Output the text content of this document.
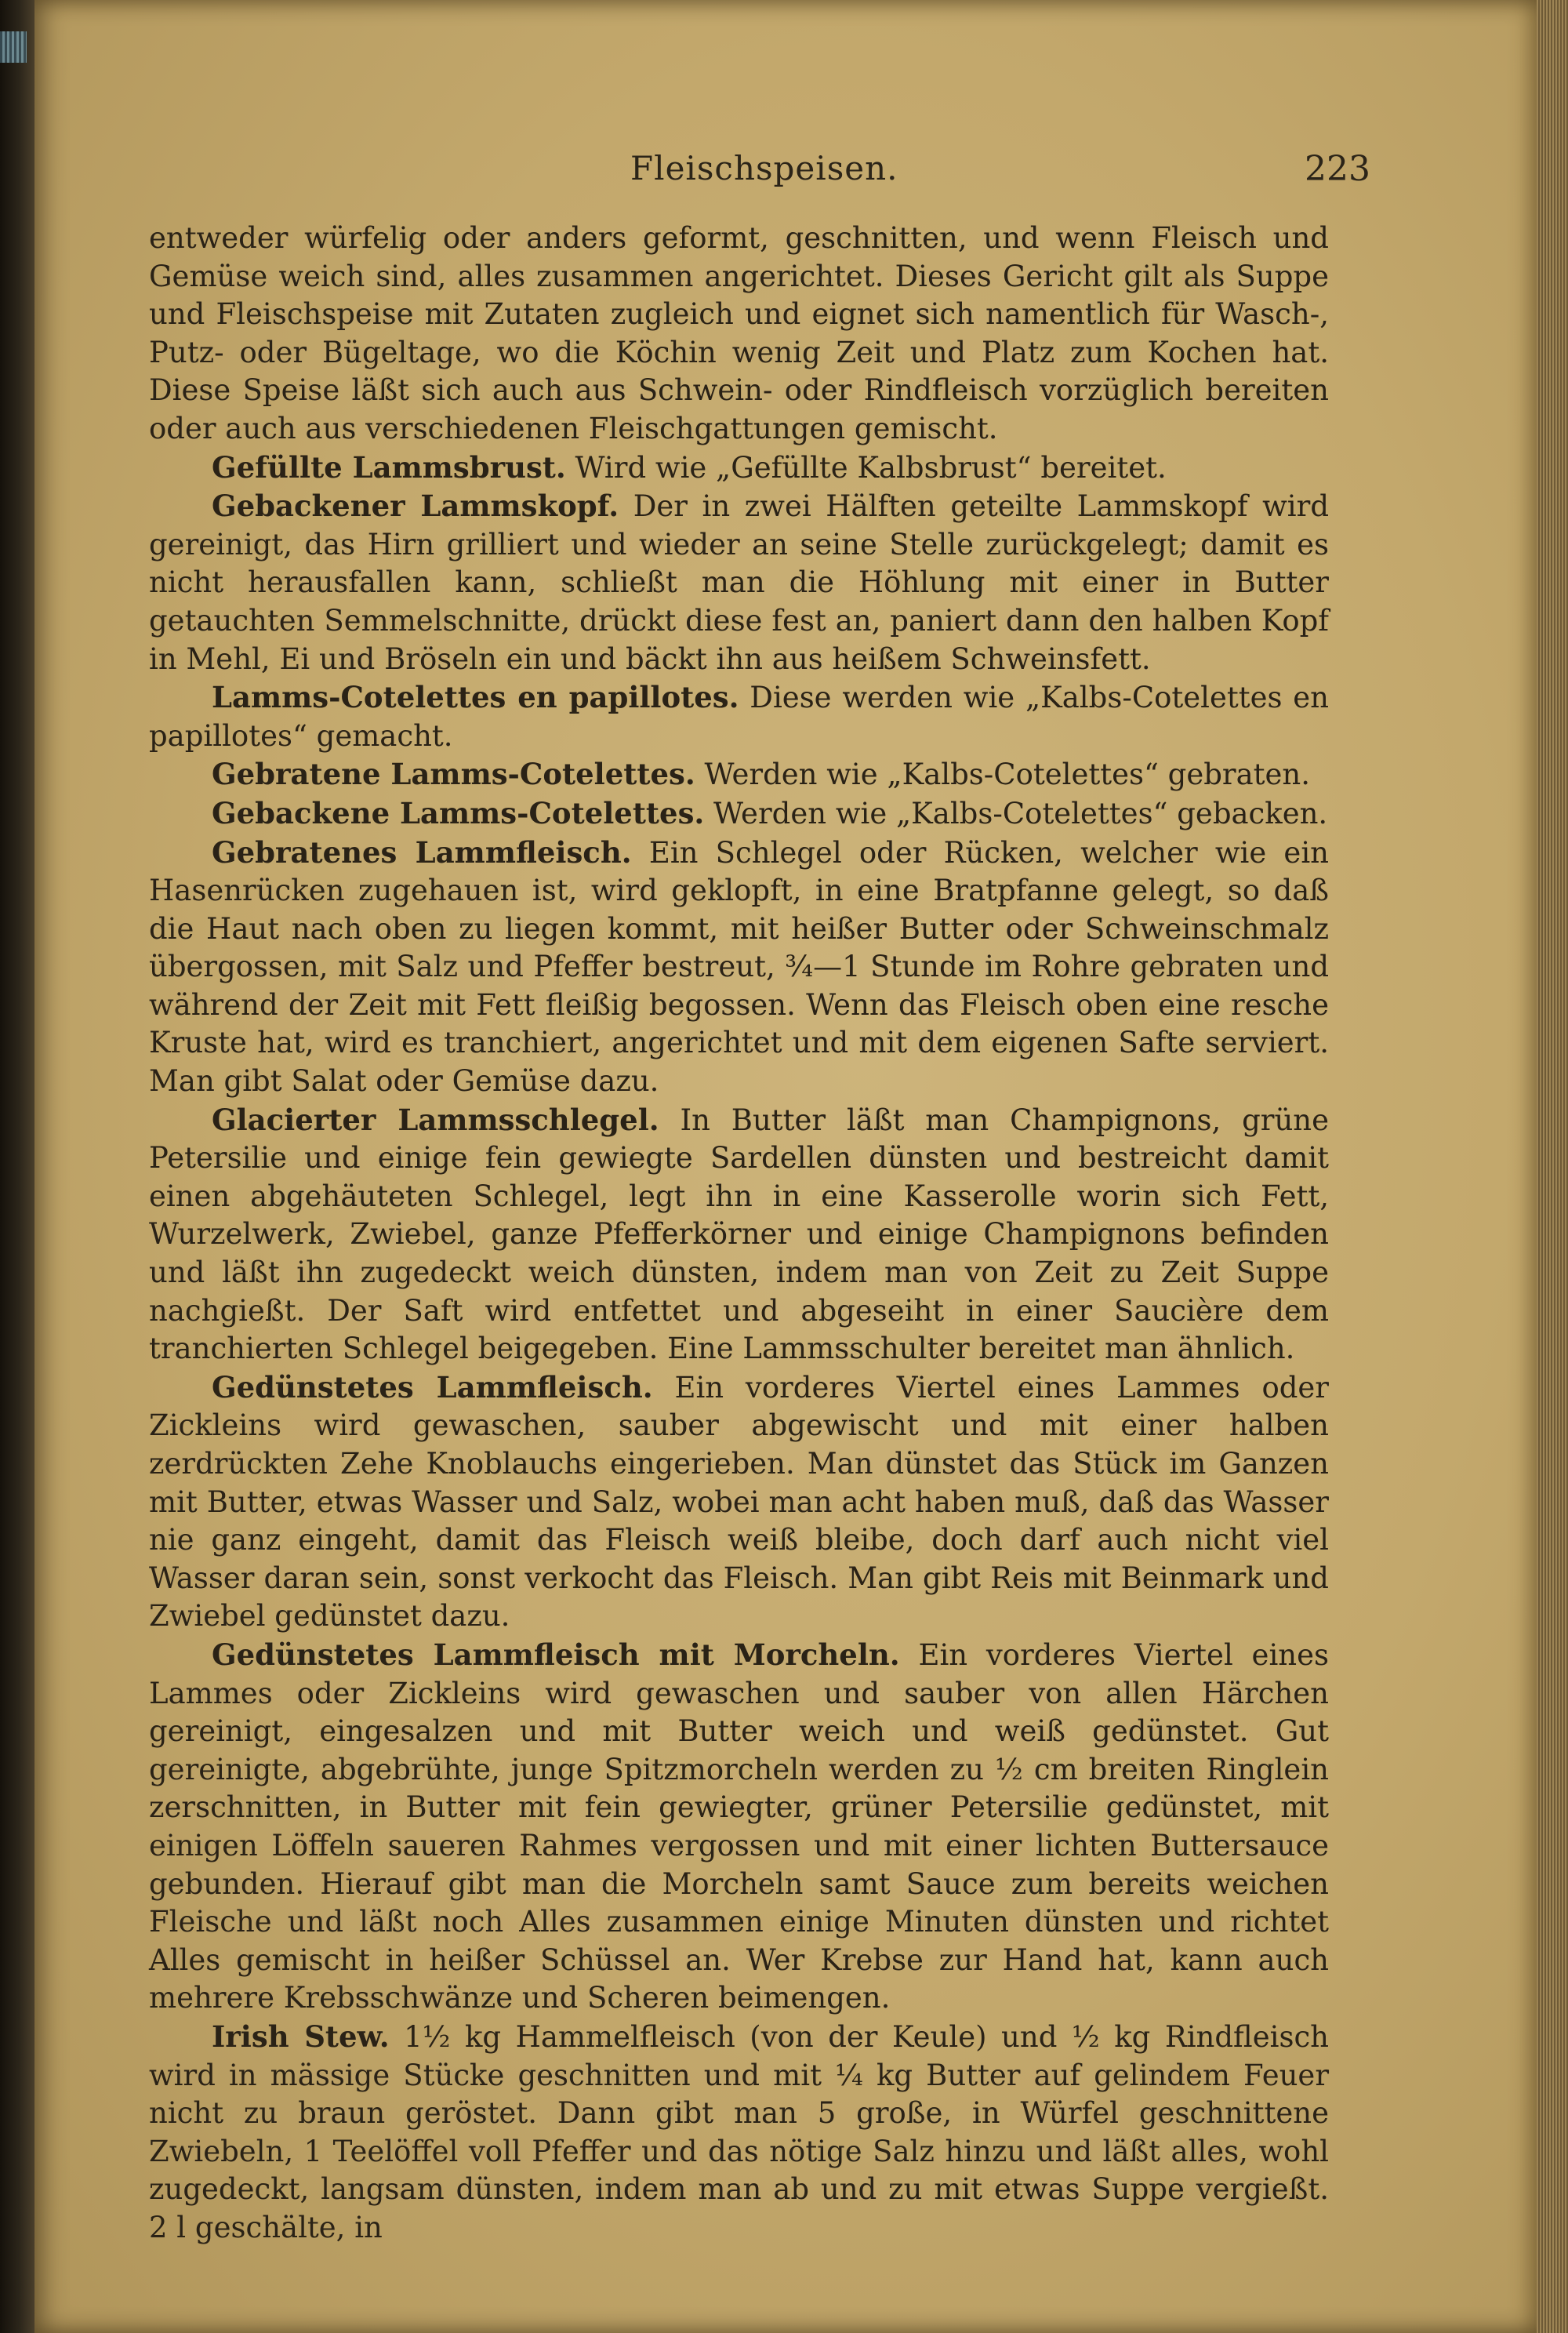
Fleischspeisen.	223

entweder würfelig oder anders geformt, geschnitten, und wenn Fleisch und Gemüse weich sind, alles zusammen angerichtet. Dieses Gericht gilt als Suppe und Fleischspeise mit Zutaten zugleich und eignet sich namentlich für Wasch-, Putz- oder Bügeltage, wo die Köchin wenig Zeit und Platz zum Kochen hat. Diese Speise läßt sich auch aus Schwein- oder Rindfleisch vorzüglich bereiten oder auch aus verschiedenen Fleischgattungen gemischt.

Gefüllte Lammsbrust. Wird wie „Gefüllte Kalbsbrust“ bereitet.

Gebackener Lammskopf. Der in zwei Hälften geteilte Lammskopf wird gereinigt, das Hirn grilliert und wieder an seine Stelle zurückgelegt; damit es nicht herausfallen kann, schließt man die Höhlung mit einer in Butter getauchten Semmelschnitte, drückt diese fest an, paniert dann den halben Kopf in Mehl, Ei und Bröseln ein und bäckt ihn aus heißem Schweinsfett.

Lamms-Cotelettes en papillotes. Diese werden wie „Kalbs-Cotelettes en papillotes“ gemacht.

Gebratene Lamms-Cotelettes. Werden wie „Kalbs-Cotelettes“ gebraten.

Gebackene Lamms-Cotelettes. Werden wie „Kalbs-Cotelettes“ gebacken.

Gebratenes Lammfleisch. Ein Schlegel oder Rücken, welcher wie ein Hasenrücken zugehauen ist, wird geklopft, in eine Bratpfanne gelegt, so daß die Haut nach oben zu liegen kommt, mit heißer Butter oder Schweinschmalz übergossen, mit Salz und Pfeffer bestreut, ¾—1 Stunde im Rohre gebraten und während der Zeit mit Fett fleißig begossen. Wenn das Fleisch oben eine resche Kruste hat, wird es tranchiert, angerichtet und mit dem eigenen Safte serviert. Man gibt Salat oder Gemüse dazu.

Glacierter Lammsschlegel. In Butter läßt man Champignons, grüne Petersilie und einige fein gewiegte Sardellen dünsten und bestreicht damit einen abgehäuteten Schlegel, legt ihn in eine Kasserolle worin sich Fett, Wurzelwerk, Zwiebel, ganze Pfefferkörner und einige Champignons befinden und läßt ihn zugedeckt weich dünsten, indem man von Zeit zu Zeit Suppe nachgießt. Der Saft wird entfettet und abgeseiht in einer Saucière dem tranchierten Schlegel beigegeben. Eine Lammsschulter bereitet man ähnlich.

Gedünstetes Lammfleisch. Ein vorderes Viertel eines Lammes oder Zickleins wird gewaschen, sauber abgewischt und mit einer halben zerdrückten Zehe Knoblauchs eingerieben. Man dünstet das Stück im Ganzen mit Butter, etwas Wasser und Salz, wobei man acht haben muß, daß das Wasser nie ganz eingeht, damit das Fleisch weiß bleibe, doch darf auch nicht viel Wasser daran sein, sonst verkocht das Fleisch. Man gibt Reis mit Beinmark und Zwiebel gedünstet dazu.

Gedünstetes Lammfleisch mit Morcheln. Ein vorderes Viertel eines Lammes oder Zickleins wird gewaschen und sauber von allen Härchen gereinigt, eingesalzen und mit Butter weich und weiß gedünstet. Gut gereinigte, abgebrühte, junge Spitzmorcheln werden zu ½ cm breiten Ringlein zerschnitten, in Butter mit fein gewiegter, grüner Petersilie gedünstet, mit einigen Löffeln saueren Rahmes vergossen und mit einer lichten Buttersauce gebunden. Hierauf gibt man die Morcheln samt Sauce zum bereits weichen Fleische und läßt noch Alles zusammen einige Minuten dünsten und richtet Alles gemischt in heißer Schüssel an. Wer Krebse zur Hand hat, kann auch mehrere Krebsschwänze und Scheren beimengen.

Irish Stew. 1½ kg Hammelfleisch (von der Keule) und ½ kg Rindfleisch wird in mässige Stücke geschnitten und mit ¼ kg Butter auf gelindem Feuer nicht zu braun geröstet. Dann gibt man 5 große, in Würfel geschnittene Zwiebeln, 1 Teelöffel voll Pfeffer und das nötige Salz hinzu und läßt alles, wohl zugedeckt, langsam dünsten, indem man ab und zu mit etwas Suppe vergießt. 2 l geschälte, in
